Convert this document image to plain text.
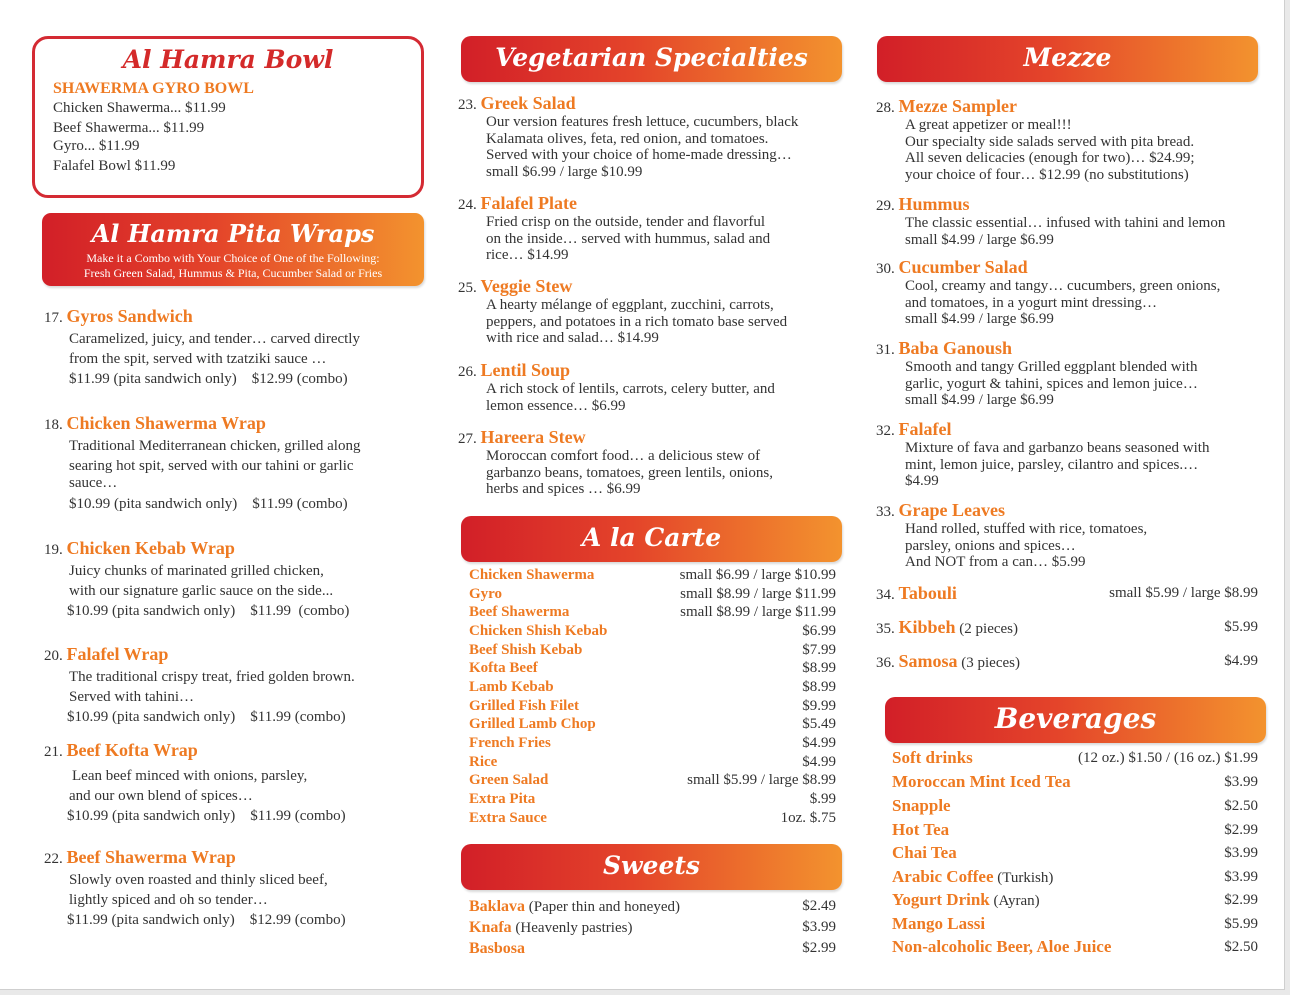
Al Hamra Bowl
SHAWERMA GYRO BOWL
Chicken Shawerma... $11.99
Beef Shawerma... $11.99
Gyro... $11.99
Falafel Bowl $11.99
Al Hamra Pita Wraps
Make it a Combo with Your Choice of One of the Following:
Fresh Green Salad, Hummus & Pita, Cucumber Salad or Fries
17. Gyros Sandwich
Caramelized, juicy, and tender… carved directly
from the spit, served with tzatziki sauce …
$11.99 (pita sandwich only)    $12.99 (combo)
18. Chicken Shawerma Wrap
Traditional Mediterranean chicken, grilled along
searing hot spit, served with our tahini or garlic
sauce…
$10.99 (pita sandwich only)    $11.99 (combo)
19. Chicken Kebab Wrap
Juicy chunks of marinated grilled chicken,
with our signature garlic sauce on the side...
$10.99 (pita sandwich only)    $11.99  (combo)
20. Falafel Wrap
The traditional crispy treat, fried golden brown.
Served with tahini…
$10.99 (pita sandwich only)    $11.99 (combo)
21. Beef Kofta Wrap
Lean beef minced with onions, parsley,
and our own blend of spices…
$10.99 (pita sandwich only)    $11.99 (combo)
22. Beef Shawerma Wrap
Slowly oven roasted and thinly sliced beef,
lightly spiced and oh so tender…
$11.99 (pita sandwich only)    $12.99 (combo)
Vegetarian Specialties
23. Greek Salad
Our version features fresh lettuce, cucumbers, black
Kalamata olives, feta, red onion, and tomatoes.
Served with your choice of home-made dressing…
small $6.99 / large $10.99
24. Falafel Plate
Fried crisp on the outside, tender and flavorful
on the inside… served with hummus, salad and
rice… $14.99
25. Veggie Stew
A hearty mélange of eggplant, zucchini, carrots,
peppers, and potatoes in a rich tomato base served
with rice and salad… $14.99
26. Lentil Soup
A rich stock of lentils, carrots, celery butter, and
lemon essence… $6.99
27. Hareera Stew
Moroccan comfort food… a delicious stew of
garbanzo beans, tomatoes, green lentils, onions,
herbs and spices … $6.99
A la Carte
Chicken Shawerma	small $6.99 / large $10.99
Gyro	small $8.99 / large $11.99
Beef Shawerma	small $8.99 / large $11.99
Chicken Shish Kebab	$6.99
Beef Shish Kebab	$7.99
Kofta Beef	$8.99
Lamb Kebab	$8.99
Grilled Fish Filet	$9.99
Grilled Lamb Chop	$5.49
French Fries	$4.99
Rice	$4.99
Green Salad	small $5.99 / large $8.99
Extra Pita	$.99
Extra Sauce	1oz. $.75
Sweets
Baklava (Paper thin and honeyed)	$2.49
Knafa (Heavenly pastries)	$3.99
Basbosa	$2.99
Mezze
28. Mezze Sampler
A great appetizer or meal!!!
Our specialty side salads served with pita bread.
All seven delicacies (enough for two)… $24.99;
your choice of four… $12.99 (no substitutions)
29. Hummus
The classic essential… infused with tahini and lemon
small $4.99 / large $6.99
30. Cucumber Salad
Cool, creamy and tangy… cucumbers, green onions,
and tomatoes, in a yogurt mint dressing…
small $4.99 / large $6.99
31. Baba Ganoush
Smooth and tangy Grilled eggplant blended with
garlic, yogurt & tahini, spices and lemon juice…
small $4.99 / large $6.99
32. Falafel
Mixture of fava and garbanzo beans seasoned with
mint, lemon juice, parsley, cilantro and spices.…
$4.99
33. Grape Leaves
Hand rolled, stuffed with rice, tomatoes,
parsley, onions and spices…
And NOT from a can… $5.99
34. Tabouli	small $5.99 / large $8.99
35. Kibbeh (2 pieces)	$5.99
36. Samosa (3 pieces)	$4.99
Beverages
Soft drinks	(12 oz.) $1.50 / (16 oz.) $1.99
Moroccan Mint Iced Tea	$3.99
Snapple	$2.50
Hot Tea	$2.99
Chai Tea	$3.99
Arabic Coffee (Turkish)	$3.99
Yogurt Drink (Ayran)	$2.99
Mango Lassi	$5.99
Non-alcoholic Beer, Aloe Juice	$2.50
